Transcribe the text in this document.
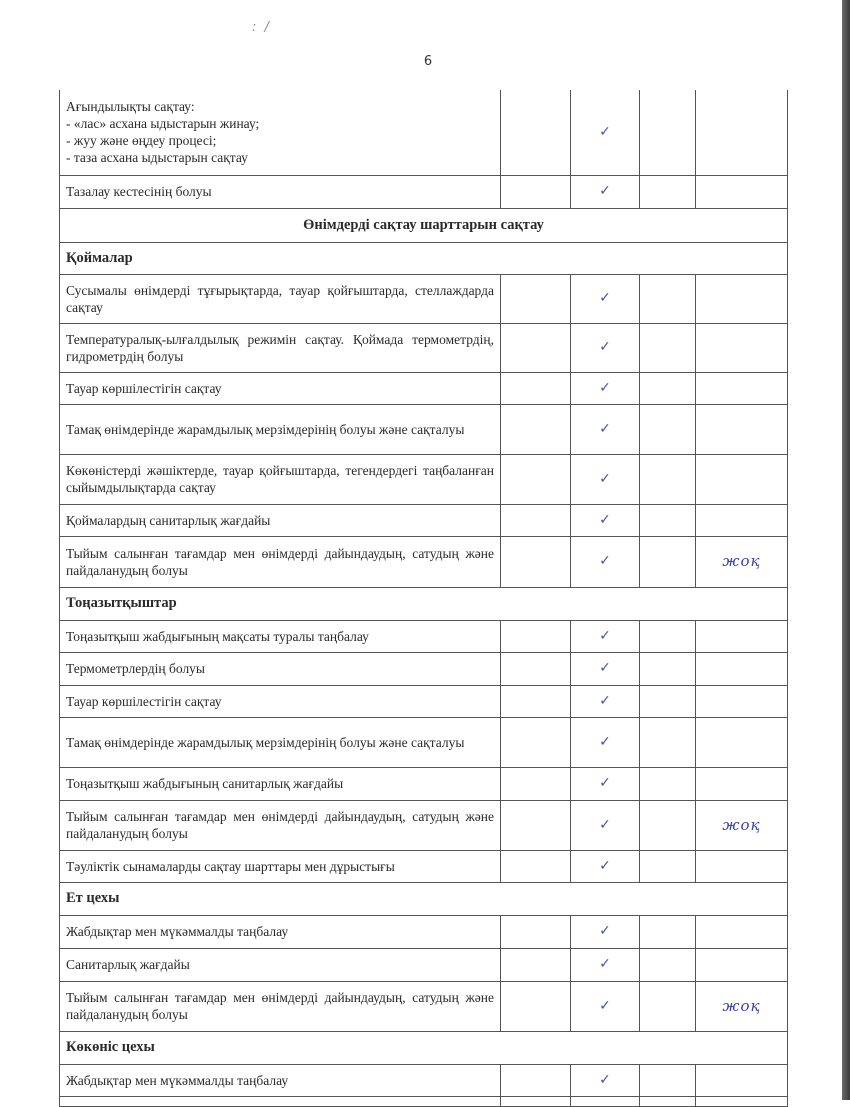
: /
6
Ағындылықты сақтау:
- «лас» асхана ыдыстарын жинау;
- жуу және өңдеу процесі;
- таза асхана ыдыстарын сақтау		✓		
Тазалау кестесінің болуы		✓		
Өнімдерді сақтау шарттарын сақтау				
Қоймалар				
Сусымалы өнімдерді тұғырықтарда, тауар қойғыштарда, стеллаждарда сақтау		✓		
Температуралық-ылғалдылық режимін сақтау. Қоймада термометрдің, гидрометрдің болуы		✓		
Тауар көршілестігін сақтау		✓		
Тамақ өнімдерінде жарамдылық мерзімдерінің болуы және сақталуы		✓		
Көкөністерді жәшіктерде, тауар қойғыштарда, тегендердегі таңбаланған сыйымдылықтарда сақтау		✓		
Қоймалардың санитарлық жағдайы		✓		
Тыйым салынған тағамдар мен өнімдерді дайындаудың, сатудың және пайдаланудың болуы		✓		жоқ
Тоңазытқыштар				
Тоңазытқыш жабдығының мақсаты туралы таңбалау		✓		
Термометрлердің болуы		✓		
Тауар көршілестігін сақтау		✓		
Тамақ өнімдерінде жарамдылық мерзімдерінің болуы және сақталуы		✓		
Тоңазытқыш жабдығының санитарлық жағдайы		✓		
Тыйым салынған тағамдар мен өнімдерді дайындаудың, сатудың және пайдаланудың болуы		✓		жоқ
Тәуліктік сынамаларды сақтау шарттары мен дұрыстығы		✓		
Ет цехы				
Жабдықтар мен мүкәммалды таңбалау		✓		
Санитарлық жағдайы		✓		
Тыйым салынған тағамдар мен өнімдерді дайындаудың, сатудың және пайдаланудың болуы		✓		жоқ
Көкөніс цехы				
Жабдықтар мен мүкәммалды таңбалау		✓		
